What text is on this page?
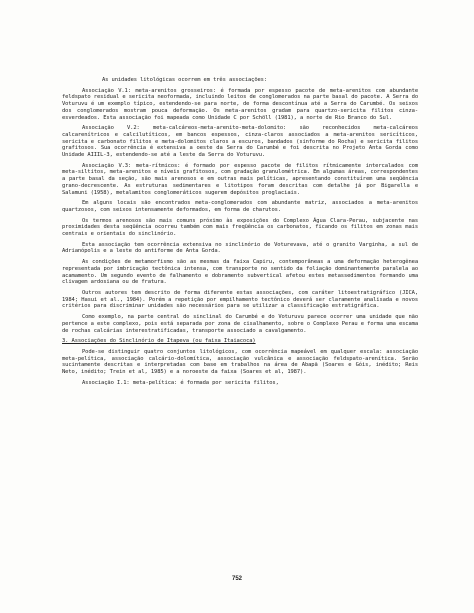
As unidades litológicas ocorrem em três associações:

Associação V.1: meta-arenitos grosseiros: é formada por espesso pacote de meta-arenitos com abundante feldspato residual e sericita neoformada, incluindo leitos de conglomerados na parte basal do pacote. A Serra do Voturuvu é um exemplo típico, estendendo-se para norte, de forma descontínua até a Serra do Carumbé. Os seixos dos conglomerados mostram pouca deformação. Os meta-arenitos gradam para quartzo-sericita filitos cinza-esverdeados. Esta associação foi mapeada como Unidade C por Schöll (1981), a norte de Rio Branco do Sul.

Associação V.2: meta-calcáreos-meta-arenito-meta-dolomito: são reconhecidos meta-calcáreos calcarenítricos e calcilutíticos, em bancos espessos, cinza-claros associados a meta-arenitos sericíticos, sericita e carbonato filitos e meta-dolomitos claros a escuros, bandados (sinforme do Rocha) e sericita filitos grafitosos. Sua ocorrência é extensiva a oeste da Serra do Carumbé e foi descrita no Projeto Anta Gorda como Unidade AIIIL-3, estendendo-se até a leste da Serra do Voturuvu.

Associação V.3: meta-rítmicos: é formado por espesso pacote de filitos rítmicamente intercalados com meta-siltitos, meta-arenitos e níveis grafitosos, com gradação granulométrica. Em algumas áreas, correspondentes a parte basal da seção, são mais arenosos e em outras mais pelíticas, apresentando constituírem uma seqüência grano-decrescente. As estruturas sedimentares e litotipos foram descritas com detalhe já por Bigarella e Salamuni (1958), metalamitos conglomeráticos sugerem depósitos proglaciais.

Em alguns locais são encontrados meta-conglomerados com abundante matriz, associados a meta-arenitos quartzosos, com seixos intensamente deformados, em forma de charutos.

Os termos arenosos são mais comuns próximo às exposições do Complexo Água Clara-Perau, subjacente nas proximidades desta seqüência ocorreu também com mais freqüência os carbonatos, ficando os filitos em zonas mais centrais e orientais do sinclinório.

Esta associação tem ocorrência extensiva no sinclinório de Voturevava, até o granito Varginha, a sul de Adrianópolis e a leste do antiforme de Anta Gorda.

As condições de metamorfismo são as mesmas da faixa Capiru, contemporâneas a uma deformação heterogênea representada por imbricação tectônica intensa, com transporte no sentido da foliação dominantemente paralela ao acamamento. Um segundo evento de falhamento e dobramento subvertical afetou estes metassedimentos formando uma clivagem ardosiana ou de fratura.

Outros autores tem descrito de forma diferente estas associações, com caráter litoestratigráfico (JICA, 1984; Hasui et al., 1984). Porém a repetição por empilhamento tectônico deverá ser claramente analisada e novos critérios para discriminar unidades são necessários para se utilizar a classificação estratigráfica.

Como exemplo, na parte central do sinclinal do Carumbé e do Voturuvu parece ocorrer uma unidade que não pertence a este complexo, pois está separada por zona de cisalhamento, sobre o Complexo Perau e forma uma escama de rochas calcárias interestratificadas, transporte associado a cavalgamento.

3. Associações do Sinclinório de Itapeva (ou faixa Itaiacoca)

Pode-se distinguir quatro conjuntos litológicos, com ocorrência mapeável em qualquer escala: associação meta-pelítica, associação calcário-dolomítica, associação vulcânica e associação feldspato-arenítica. Serão sucintamente descritas e interpretadas com base em trabalhos na área de Abapã (Soares e Góis, inédito; Reis Neto, inédito; Trein et al, 1985) e a noroeste da faixa (Soares et al, 1987).

Associação I.1: meta-pelítica: é formada por sericita filitos,

752
